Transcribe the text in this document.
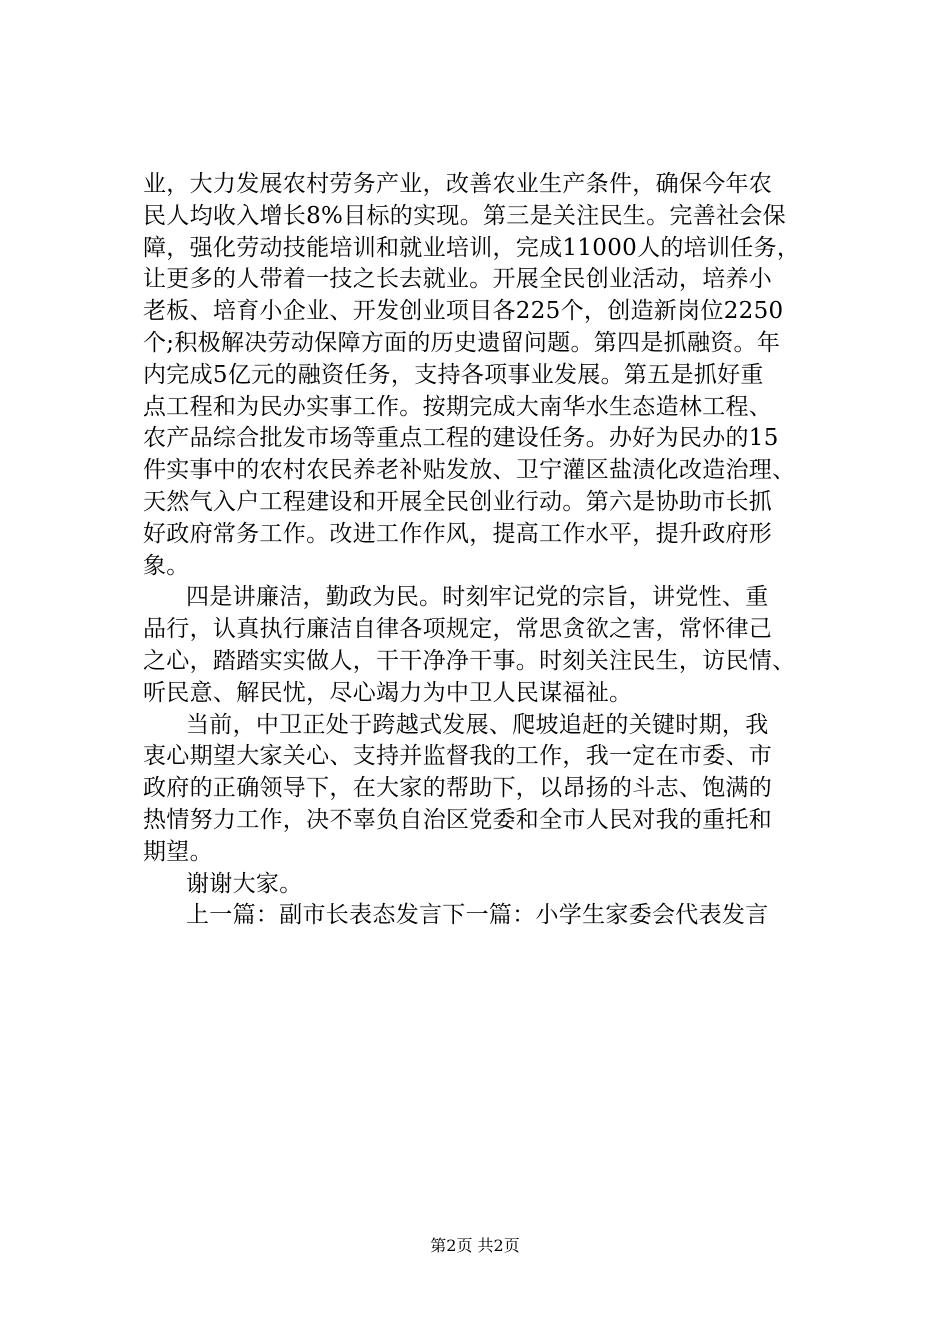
业，大力发展农村劳务产业，改善农业生产条件，确保今年农
民人均收入增长8%目标的实现。第三是关注民生。完善社会保
障，强化劳动技能培训和就业培训，完成11000人的培训任务，
让更多的人带着一技之长去就业。开展全民创业活动，培养小
老板、培育小企业、开发创业项目各225个，创造新岗位2250
个;积极解决劳动保障方面的历史遗留问题。第四是抓融资。年
内完成5亿元的融资任务，支持各项事业发展。第五是抓好重
点工程和为民办实事工作。按期完成大南华水生态造林工程、
农产品综合批发市场等重点工程的建设任务。办好为民办的15
件实事中的农村农民养老补贴发放、卫宁灌区盐渍化改造治理、
天然气入户工程建设和开展全民创业行动。第六是协助市长抓
好政府常务工作。改进工作作风，提高工作水平，提升政府形
象。
四是讲廉洁，勤政为民。时刻牢记党的宗旨，讲党性、重
品行，认真执行廉洁自律各项规定，常思贪欲之害，常怀律己
之心，踏踏实实做人，干干净净干事。时刻关注民生，访民情、
听民意、解民忧，尽心竭力为中卫人民谋福祉。
当前，中卫正处于跨越式发展、爬坡追赶的关键时期，我
衷心期望大家关心、支持并监督我的工作，我一定在市委、市
政府的正确领导下，在大家的帮助下，以昂扬的斗志、饱满的
热情努力工作，决不辜负自治区党委和全市人民对我的重托和
期望。
谢谢大家。
上一篇：副市长表态发言下一篇：小学生家委会代表发言
第2页 共2页
